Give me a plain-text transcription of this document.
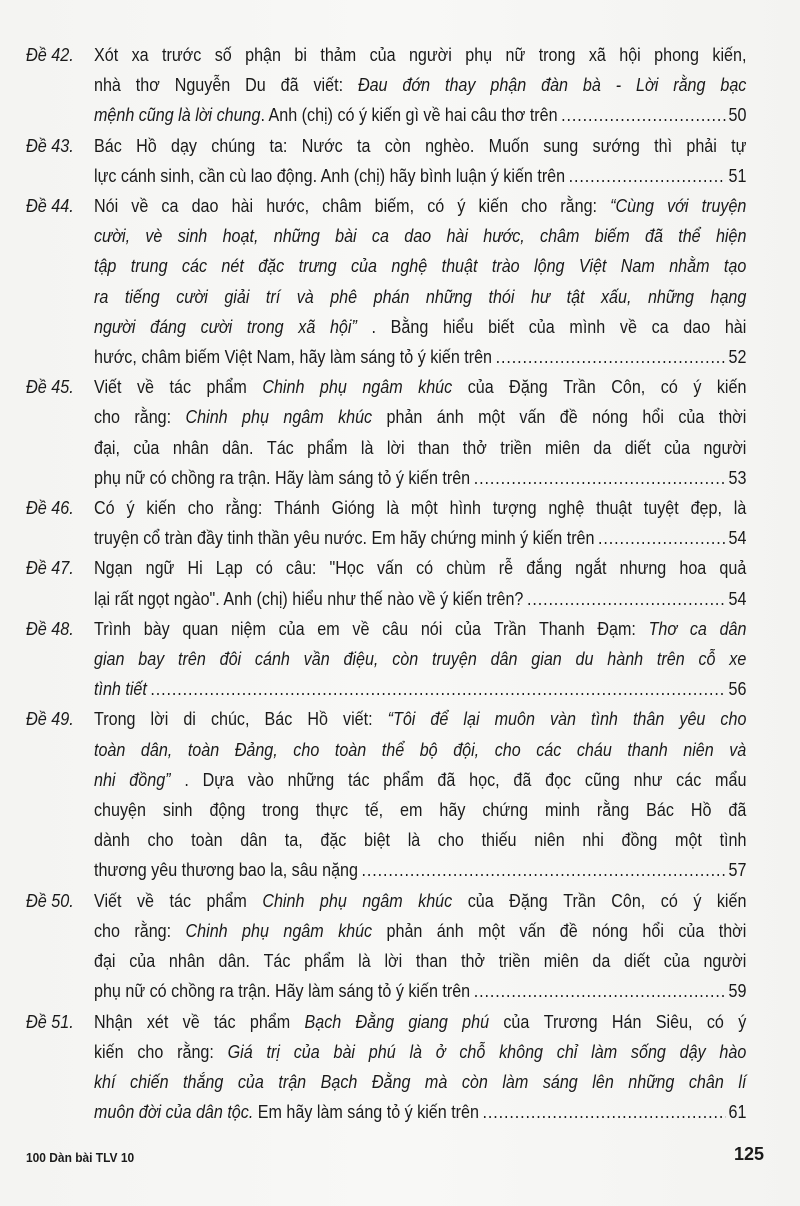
Đề 42.	Xót xa trước số phận bi thảm của người phụ nữ trong xã hội phong kiến,
nhà thơ Nguyễn Du đã viết: Đau đớn thay phận đàn bà - Lời rằng bạc
mệnh cũng là lời chung. Anh (chị) có ý kiến gì về hai câu thơ trên .....	50
Đề 43.	Bác Hồ dạy chúng ta: Nước ta còn nghèo. Muốn sung sướng thì phải tự
lực cánh sinh, cần cù lao động. Anh (chị) hãy bình luận ý kiến trên .....	51
Đề 44.	Nói về ca dao hài hước, châm biếm, có ý kiến cho rằng: “Cùng với truyện
cười, vè sinh hoạt, những bài ca dao hài hước, châm biếm đã thể hiện
tập trung các nét đặc trưng của nghệ thuật trào lộng Việt Nam nhằm tạo
ra tiếng cười giải trí và phê phán những thói hư tật xấu, những hạng
người đáng cười trong xã hội” . Bằng hiểu biết của mình về ca dao hài
hước, châm biếm Việt Nam, hãy làm sáng tỏ ý kiến trên .....	52
Đề 45.	Viết về tác phẩm Chinh phụ ngâm khúc của Đặng Trần Côn, có ý kiến
cho rằng: Chinh phụ ngâm khúc phản ánh một vấn đề nóng hổi của thời
đại, của nhân dân. Tác phẩm là lời than thở triền miên da diết của người
phụ nữ có chồng ra trận. Hãy làm sáng tỏ ý kiến trên .....	53
Đề 46.	Có ý kiến cho rằng: Thánh Gióng là một hình tượng nghệ thuật tuyệt đẹp, là
truyện cổ tràn đầy tinh thần yêu nước. Em hãy chứng minh ý kiến trên .....	54
Đề 47.	Ngạn ngữ Hi Lạp có câu: "Học vấn có chùm rễ đắng ngắt nhưng hoa quả
lại rất ngọt ngào". Anh (chị) hiểu như thế nào về ý kiến trên? .....	54
Đề 48.	Trình bày quan niệm của em về câu nói của Trần Thanh Đạm: Thơ ca dân
gian bay trên đôi cánh vần điệu, còn truyện dân gian du hành trên cỗ xe
tình tiết .....	56
Đề 49.	Trong lời di chúc, Bác Hồ viết: “Tôi để lại muôn vàn tình thân yêu cho
toàn dân, toàn Đảng, cho toàn thể bộ đội, cho các cháu thanh niên và
nhi đồng” . Dựa vào những tác phẩm đã học, đã đọc cũng như các mẩu
chuyện sinh động trong thực tế, em hãy chứng minh rằng Bác Hồ đã
dành cho toàn dân ta, đặc biệt là cho thiếu niên nhi đồng một tình
thương yêu thương bao la, sâu nặng .....	57
Đề 50.	Viết về tác phẩm Chinh phụ ngâm khúc của Đặng Trần Côn, có ý kiến
cho rằng: Chinh phụ ngâm khúc phản ánh một vấn đề nóng hổi của thời
đại của nhân dân. Tác phẩm là lời than thở triền miên da diết của người
phụ nữ có chồng ra trận. Hãy làm sáng tỏ ý kiến trên .....	59
Đề 51.	Nhận xét về tác phẩm Bạch Đằng giang phú của Trương Hán Siêu, có ý
kiến cho rằng: Giá trị của bài phú là ở chỗ không chỉ làm sống dậy hào
khí chiến thắng của trận Bạch Đằng mà còn làm sáng lên những chân lí
muôn đời của dân tộc. Em hãy làm sáng tỏ ý kiến trên .....	61
100 Dàn bài TLV 10	125
